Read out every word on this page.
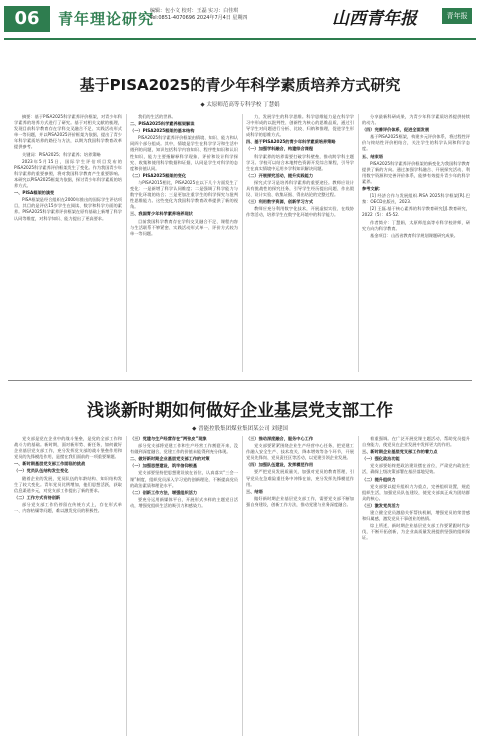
06	青年理论研究
编辑：包小文 校对：王磊 实习：白佳琪
Tel:0851-4070696 2024年7月4日 星期四	山西青年报	青年报
基于PISA2025的青少年科学素质培养方式研究
◆ 太原师范高等专科学校 丁慧娟

摘要：基于PISA2025科学素养评价框架，对青少年科学素养的培养方式进行了研究。基于对相关文献的梳理，发现目前科学教育存在学科交叉融合不足、实践活动形式单一等问题，并以PISA2025评价框架为依据，提出了青少年科学素质培养的路径与方法，以期为我国科学教育改革提供参考。

关键词：PISA2025；科学素养；培养策略

2023年5月15日，国际学生评估项目发布的PISA2025科学素养评价框架发生了变化。作为我国青少年科学素养的重要参照，将对我国科学教育产生重要影响。本研究以PISA2025框架为依据，探讨青少年科学素质的培养方式。

一、PISA框架的演变

PISA框架是经合组织在2000年推出的国际学生评估项目，其目的是评估15岁学生在阅读、数学和科学方面的素养。PISA2025科学素养评价框架在原有基础上新增了科学认同等维度，对科学知识、能力提出了更高要求。

我们的生活的世界。

二、PISA2025科学素养框架解读

（一）PISA2025框架的基本结构

PISA2025科学素养评价框架由情境、知识、能力和认同四个部分组成。其中，情境是学生在科学学习和生活中遇到的问题，知识包括科学内容知识、程序性知识和认识性知识，能力主要指解释科学现象、评价和设计科学探究、收集和使用科学数据和证据，认同是学生对科学的态度和价值认同。

（二）PISA2025框架的变化

与PISA2015相比，PISA2025在以下几个方面发生了变化：一是新增了科学认同维度；二是强调了科学能力与数字化环境的结合；三是更加注重学生的科学探究与批判性思维能力。这些变化为我国科学教育改革提供了新的视角。

三、我国青少年科学素养培养现状

目前我国科学教育存在学科交叉融合不足、课程内容与生活联系不够紧密、实践活动形式单一、评价方式较为单一等问题。

力，发展学生的科学思维。科学思维能力是在科学学习中形成的以批判性、创新性为核心的思维品质，通过引导学生对问题进行分析、比较、归纳和推理，促进学生形成科学的思维方式。

四、基于PISA2025的青少年科学素质培养策略

（一）加强学科融合，构建综合课程

科学素养的培养需要打破学科壁垒，推动跨学科主题学习。学校可以结合本地特色资源开发综合课程，引导学生在真实情境中运用多学科知识解决问题。

（二）开展探究活动，提升实践能力

探究式学习是培养科学素养的重要途径。教师应设计具有挑战性的探究任务，引导学生经历提出问题、作出假设、设计实验、收集证据、得出结论的完整过程。

（三）利用数字资源，创新学习方式

教师应充分利用数字化技术，开展虚拟实验、在线协作等活动，培养学生在数字化环境中的科学能力。

分享最新科研成果，为青少年科学素质培养提供持续的动力。

（四）完善评价体系，促进全面发展

基于PISA2025框架，构建多元评价体系，将过程性评价与终结性评价相结合，关注学生的科学认同和科学态度。

五、结束语

PISA2025科学素养评价框架的新变化为我国科学教育提供了新的方向。通过加强学科融合、开展探究活动、利用数字资源和完善评价体系，能够有效提升青少年的科学素养。

参考文献：

[1] 经济合作与发展组织.PISA 2025科学框架[R].巴黎：OECD出版社，2023.

[2] 王磊.基于核心素养的科学教育研究[J].教育研究，2022（5）：45-52.

作者简介：丁慧娟，太原师范高等专科学校讲师，研究方向为科学教育。

基金项目：山西省教育科学规划课题研究成果。

浅谈新时期如何做好企业基层党支部工作
◆ 晋能控股集团煤业集团某公司 刘建国

党支部是党在企业中的战斗堡垒，是党的全部工作和战斗力的基础。新时期，面对新形势、新任务，如何做好企业基层党支部工作，充分发挥党支部的战斗堡垒作用和党员的先锋模范作用，是摆在我们面前的一项重要课题。

一、新时期基层党支部工作面临的挑战

（一）党员队伍结构发生变化

随着企业的发展，党员队伍的年龄结构、知识结构发生了较大变化。青年党员比例增加，他们思想活跃，获取信息渠道多元，对党支部工作提出了新的要求。

（二）工作方式有待创新

部分党支部工作仍停留在传统方式上，存在形式单一、内容枯燥等问题，难以激发党员的积极性。

（三）党建与生产经营存在“两张皮”现象

部分党支部将党建工作和生产经营工作割裂开来，没有做到深度融合，党建工作的价值未能得到充分体现。

二、做好新时期企业基层党支部工作的对策

（一）加强思想建设，筑牢信仰根基

党支部要坚持把思想建设放在首位，认真落实“三会一课”制度，组织党员深入学习党的创新理论，不断提高党员的政治素质和理论水平。

（二）创新工作方法，增强组织活力

要充分运用新媒体平台，开展形式多样的主题党日活动，增强党组织生活的吸引力和感染力。

（三）推动深度融合，服务中心工作

党支部要紧紧围绕企业生产经营中心任务，把党建工作融入安全生产、技术攻关、降本增效等各个环节，开展党员先锋岗、党员责任区等活动，以党建引领企业发展。

（四）加强队伍建设，发挥模范作用

要严把党员发展质量关，加强对党员的教育管理，引导党员在急难险重任务中冲锋在前，充分发挥先锋模范作用。

三、结语

做好新时期企业基层党支部工作，需要党支部不断加强自身建设，创新工作方法，推动党建与业务深度融合。

着重强调。在广泛开展党课主题活动，帮助党员提升自身能力，使党员在企业发展中发挥更大的作用。

三、新时期企业基层党支部工作的着力点

（一）强化政治功能

党支部要始终把政治建设摆在首位，严肃党内政治生活，确保上级决策部署在基层落地见效。

（二）提升组织力

党支部要以提升组织力为重点，完善组织设置，规范组织生活，加强党员队伍建设，使党支部真正成为团结群众的核心。

（三）激发党员活力

建立健全党员激励关怀帮扶机制，增强党员的荣誉感和归属感，激发党员干事创业的热情。

综上所述，新时期企业基层党支部工作要紧跟时代步伐，不断开拓创新，为企业高质量发展提供坚强的组织保证。
